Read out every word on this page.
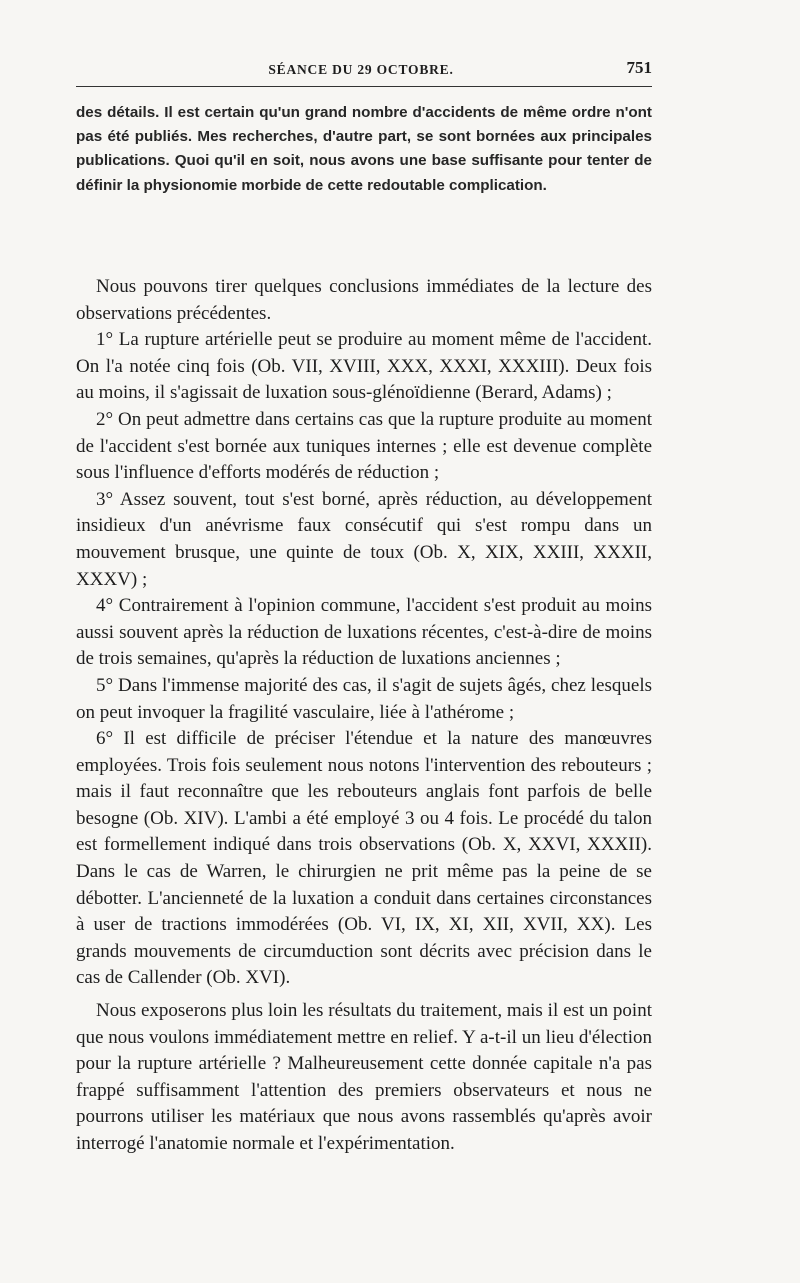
SÉANCE DU 29 OCTOBRE.	751
des détails. Il est certain qu'un grand nombre d'accidents de même ordre n'ont pas été publiés. Mes recherches, d'autre part, se sont bornées aux principales publications. Quoi qu'il en soit, nous avons une base suffisante pour tenter de définir la physionomie morbide de cette redoutable complication.

Nous pouvons tirer quelques conclusions immédiates de la lecture des observations précédentes.

1° La rupture artérielle peut se produire au moment même de l'accident. On l'a notée cinq fois (Ob. VII, XVIII, XXX, XXXI, XXXIII). Deux fois au moins, il s'agissait de luxation sous-glénoïdienne (Berard, Adams) ;

2° On peut admettre dans certains cas que la rupture produite au moment de l'accident s'est bornée aux tuniques internes ; elle est devenue complète sous l'influence d'efforts modérés de réduction ;

3° Assez souvent, tout s'est borné, après réduction, au développement insidieux d'un anévrisme faux consécutif qui s'est rompu dans un mouvement brusque, une quinte de toux (Ob. X, XIX, XXIII, XXXII, XXXV) ;

4° Contrairement à l'opinion commune, l'accident s'est produit au moins aussi souvent après la réduction de luxations récentes, c'est-à-dire de moins de trois semaines, qu'après la réduction de luxations anciennes ;

5° Dans l'immense majorité des cas, il s'agit de sujets âgés, chez lesquels on peut invoquer la fragilité vasculaire, liée à l'athérome ;

6° Il est difficile de préciser l'étendue et la nature des manœuvres employées. Trois fois seulement nous notons l'intervention des rebouteurs ; mais il faut reconnaître que les rebouteurs anglais font parfois de belle besogne (Ob. XIV). L'ambi a été employé 3 ou 4 fois. Le procédé du talon est formellement indiqué dans trois observations (Ob. X, XXVI, XXXII). Dans le cas de Warren, le chirurgien ne prit même pas la peine de se débotter. L'ancienneté de la luxation a conduit dans certaines circonstances à user de tractions immodérées (Ob. VI, IX, XI, XII, XVII, XX). Les grands mouvements de circumduction sont décrits avec précision dans le cas de Callender (Ob. XVI).

Nous exposerons plus loin les résultats du traitement, mais il est un point que nous voulons immédiatement mettre en relief. Y a-t-il un lieu d'élection pour la rupture artérielle ? Malheureusement cette donnée capitale n'a pas frappé suffisamment l'attention des premiers observateurs et nous ne pourrons utiliser les matériaux que nous avons rassemblés qu'après avoir interrogé l'anatomie normale et l'expérimentation.
